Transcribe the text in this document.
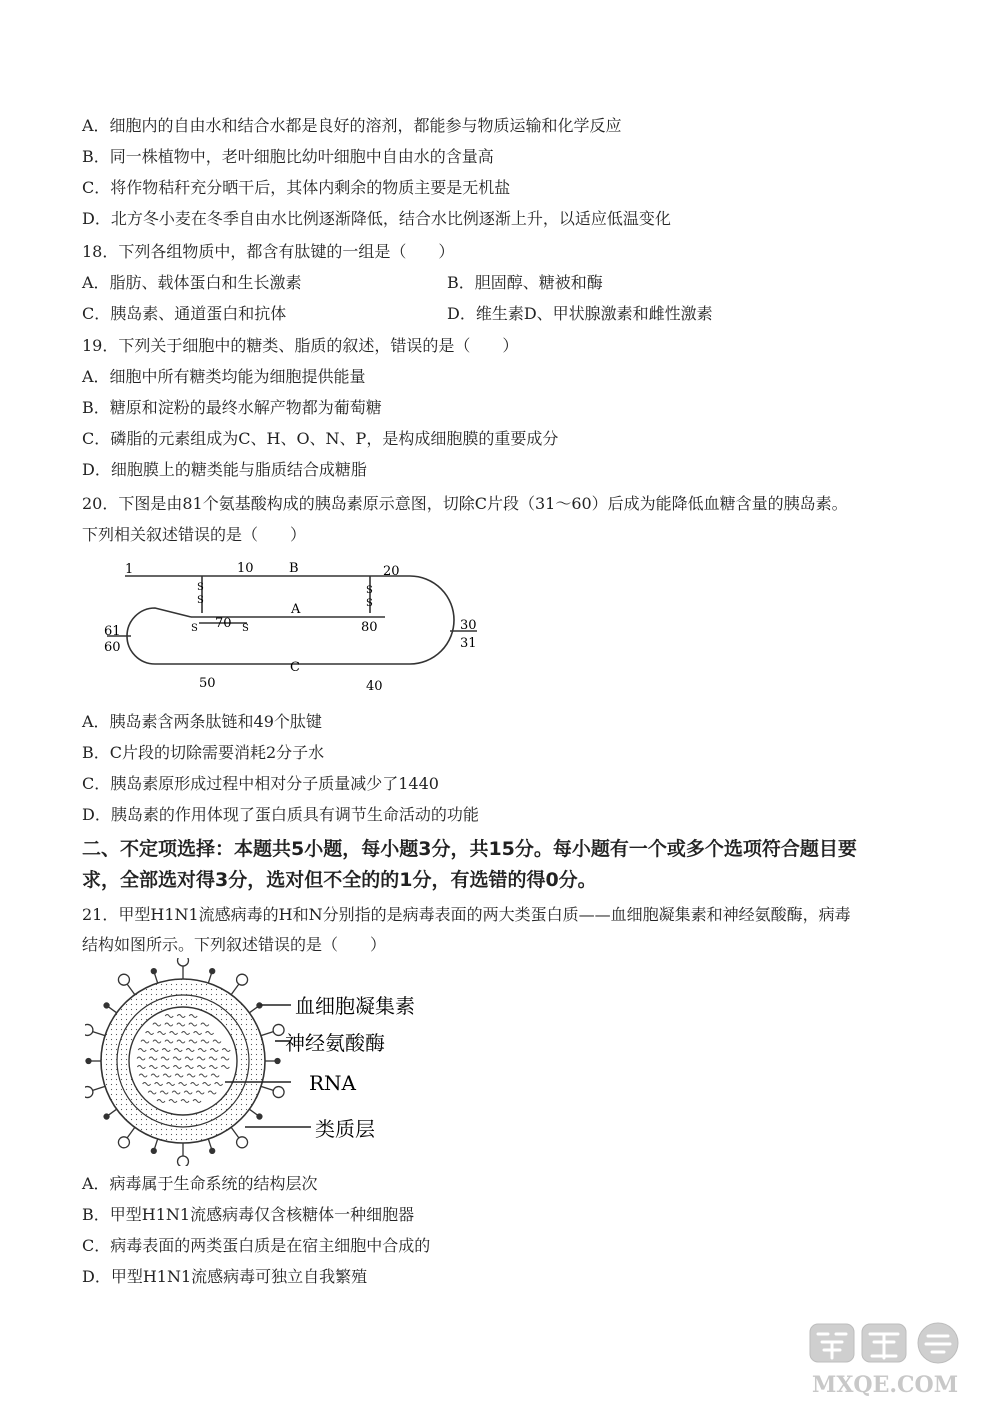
A．细胞内的自由水和结合水都是良好的溶剂，都能参与物质运输和化学反应
B．同一株植物中，老叶细胞比幼叶细胞中自由水的含量高
C．将作物秸秆充分晒干后，其体内剩余的物质主要是无机盐
D．北方冬小麦在冬季自由水比例逐渐降低，结合水比例逐渐上升，以适应低温变化
18．下列各组物质中，都含有肽键的一组是（　　）
A．脂肪、载体蛋白和生长激素	B．胆固醇、糖被和酶
C．胰岛素、通道蛋白和抗体	D．维生素D、甲状腺激素和雌性激素
19．下列关于细胞中的糖类、脂质的叙述，错误的是（　　）
A．细胞中所有糖类均能为细胞提供能量
B．糖原和淀粉的最终水解产物都为葡萄糖
C．磷脂的元素组成为C、H、O、N、P，是构成细胞膜的重要成分
D．细胞膜上的糖类能与脂质结合成糖脂
20．下图是由81个氨基酸构成的胰岛素原示意图，切除C片段（31～60）后成为能降低血糖含量的胰岛素。
下列相关叙述错误的是（　　）
1	10	B	20
A
S
S
S
S
S	S
70	80
61
60
30
31
C
50	40
A．胰岛素含两条肽链和49个肽键
B．C片段的切除需要消耗2分子水
C．胰岛素原形成过程中相对分子质量减少了1440
D．胰岛素的作用体现了蛋白质具有调节生命活动的功能
二、不定项选择：本题共5小题，每小题3分，共15分。每小题有一个或多个选项符合题目要
求，全部选对得3分，选对但不全的的1分，有选错的得0分。
21．甲型H1N1流感病毒的H和N分别指的是病毒表面的两大类蛋白质——血细胞凝集素和神经氨酸酶，病毒
结构如图所示。下列叙述错误的是（　　）
血细胞凝集素
神经氨酸酶
RNA
类质层
A．病毒属于生命系统的结构层次
B．甲型H1N1流感病毒仅含核糖体一种细胞器
C．病毒表面的两类蛋白质是在宿主细胞中合成的
D．甲型H1N1流感病毒可独立自我繁殖
MXQE.COM
